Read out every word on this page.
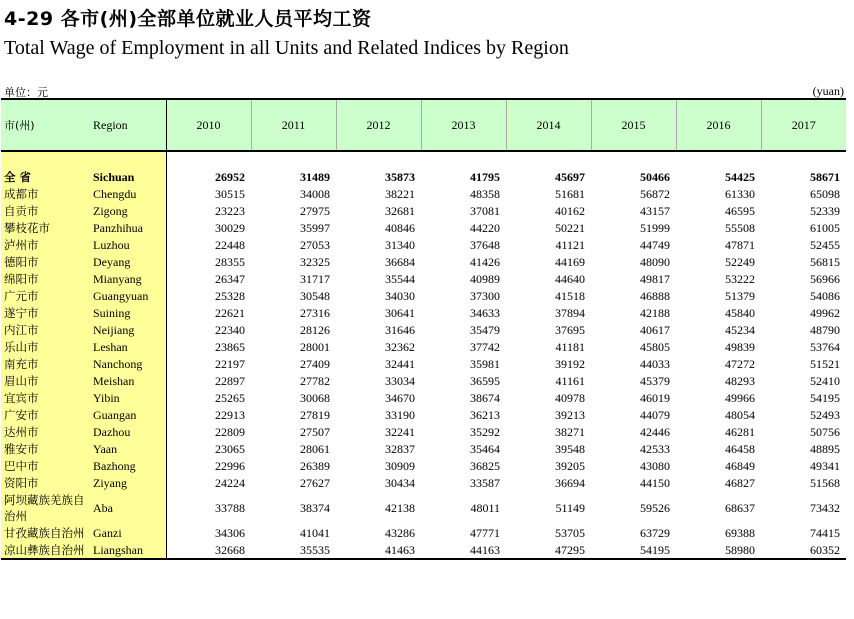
4-29 各市(州)全部单位就业人员平均工资
Total Wage of Employment in all Units and Related Indices by Region
单位：元	(yuan)
市(州)	Region	2010	2011	2012	2013	2014	2015	2016	2017

全 省	Sichuan	26952	31489	35873	41795	45697	50466	54425	58671
成都市	Chengdu	30515	34008	38221	48358	51681	56872	61330	65098
自贡市	Zigong	23223	27975	32681	37081	40162	43157	46595	52339
攀枝花市	Panzhihua	30029	35997	40846	44220	50221	51999	55508	61005
泸州市	Luzhou	22448	27053	31340	37648	41121	44749	47871	52455
德阳市	Deyang	28355	32325	36684	41426	44169	48090	52249	56815
绵阳市	Mianyang	26347	31717	35544	40989	44640	49817	53222	56966
广元市	Guangyuan	25328	30548	34030	37300	41518	46888	51379	54086
遂宁市	Suining	22621	27316	30641	34633	37894	42188	45840	49962
内江市	Neijiang	22340	28126	31646	35479	37695	40617	45234	48790
乐山市	Leshan	23865	28001	32362	37742	41181	45805	49839	53764
南充市	Nanchong	22197	27409	32441	35981	39192	44033	47272	51521
眉山市	Meishan	22897	27782	33034	36595	41161	45379	48293	52410
宜宾市	Yibin	25265	30068	34670	38674	40978	46019	49966	54195
广安市	Guangan	22913	27819	33190	36213	39213	44079	48054	52493
达州市	Dazhou	22809	27507	32241	35292	38271	42446	46281	50756
雅安市	Yaan	23065	28061	32837	35464	39548	42533	46458	48895
巴中市	Bazhong	22996	26389	30909	36825	39205	43080	46849	49341
资阳市	Ziyang	24224	27627	30434	33587	36694	44150	46827	51568
阿坝藏族羌族自治州	Aba	33788	38374	42138	48011	51149	59526	68637	73432
甘孜藏族自治州	Ganzi	34306	41041	43286	47771	53705	63729	69388	74415
凉山彝族自治州	Liangshan	32668	35535	41463	44163	47295	54195	58980	60352
